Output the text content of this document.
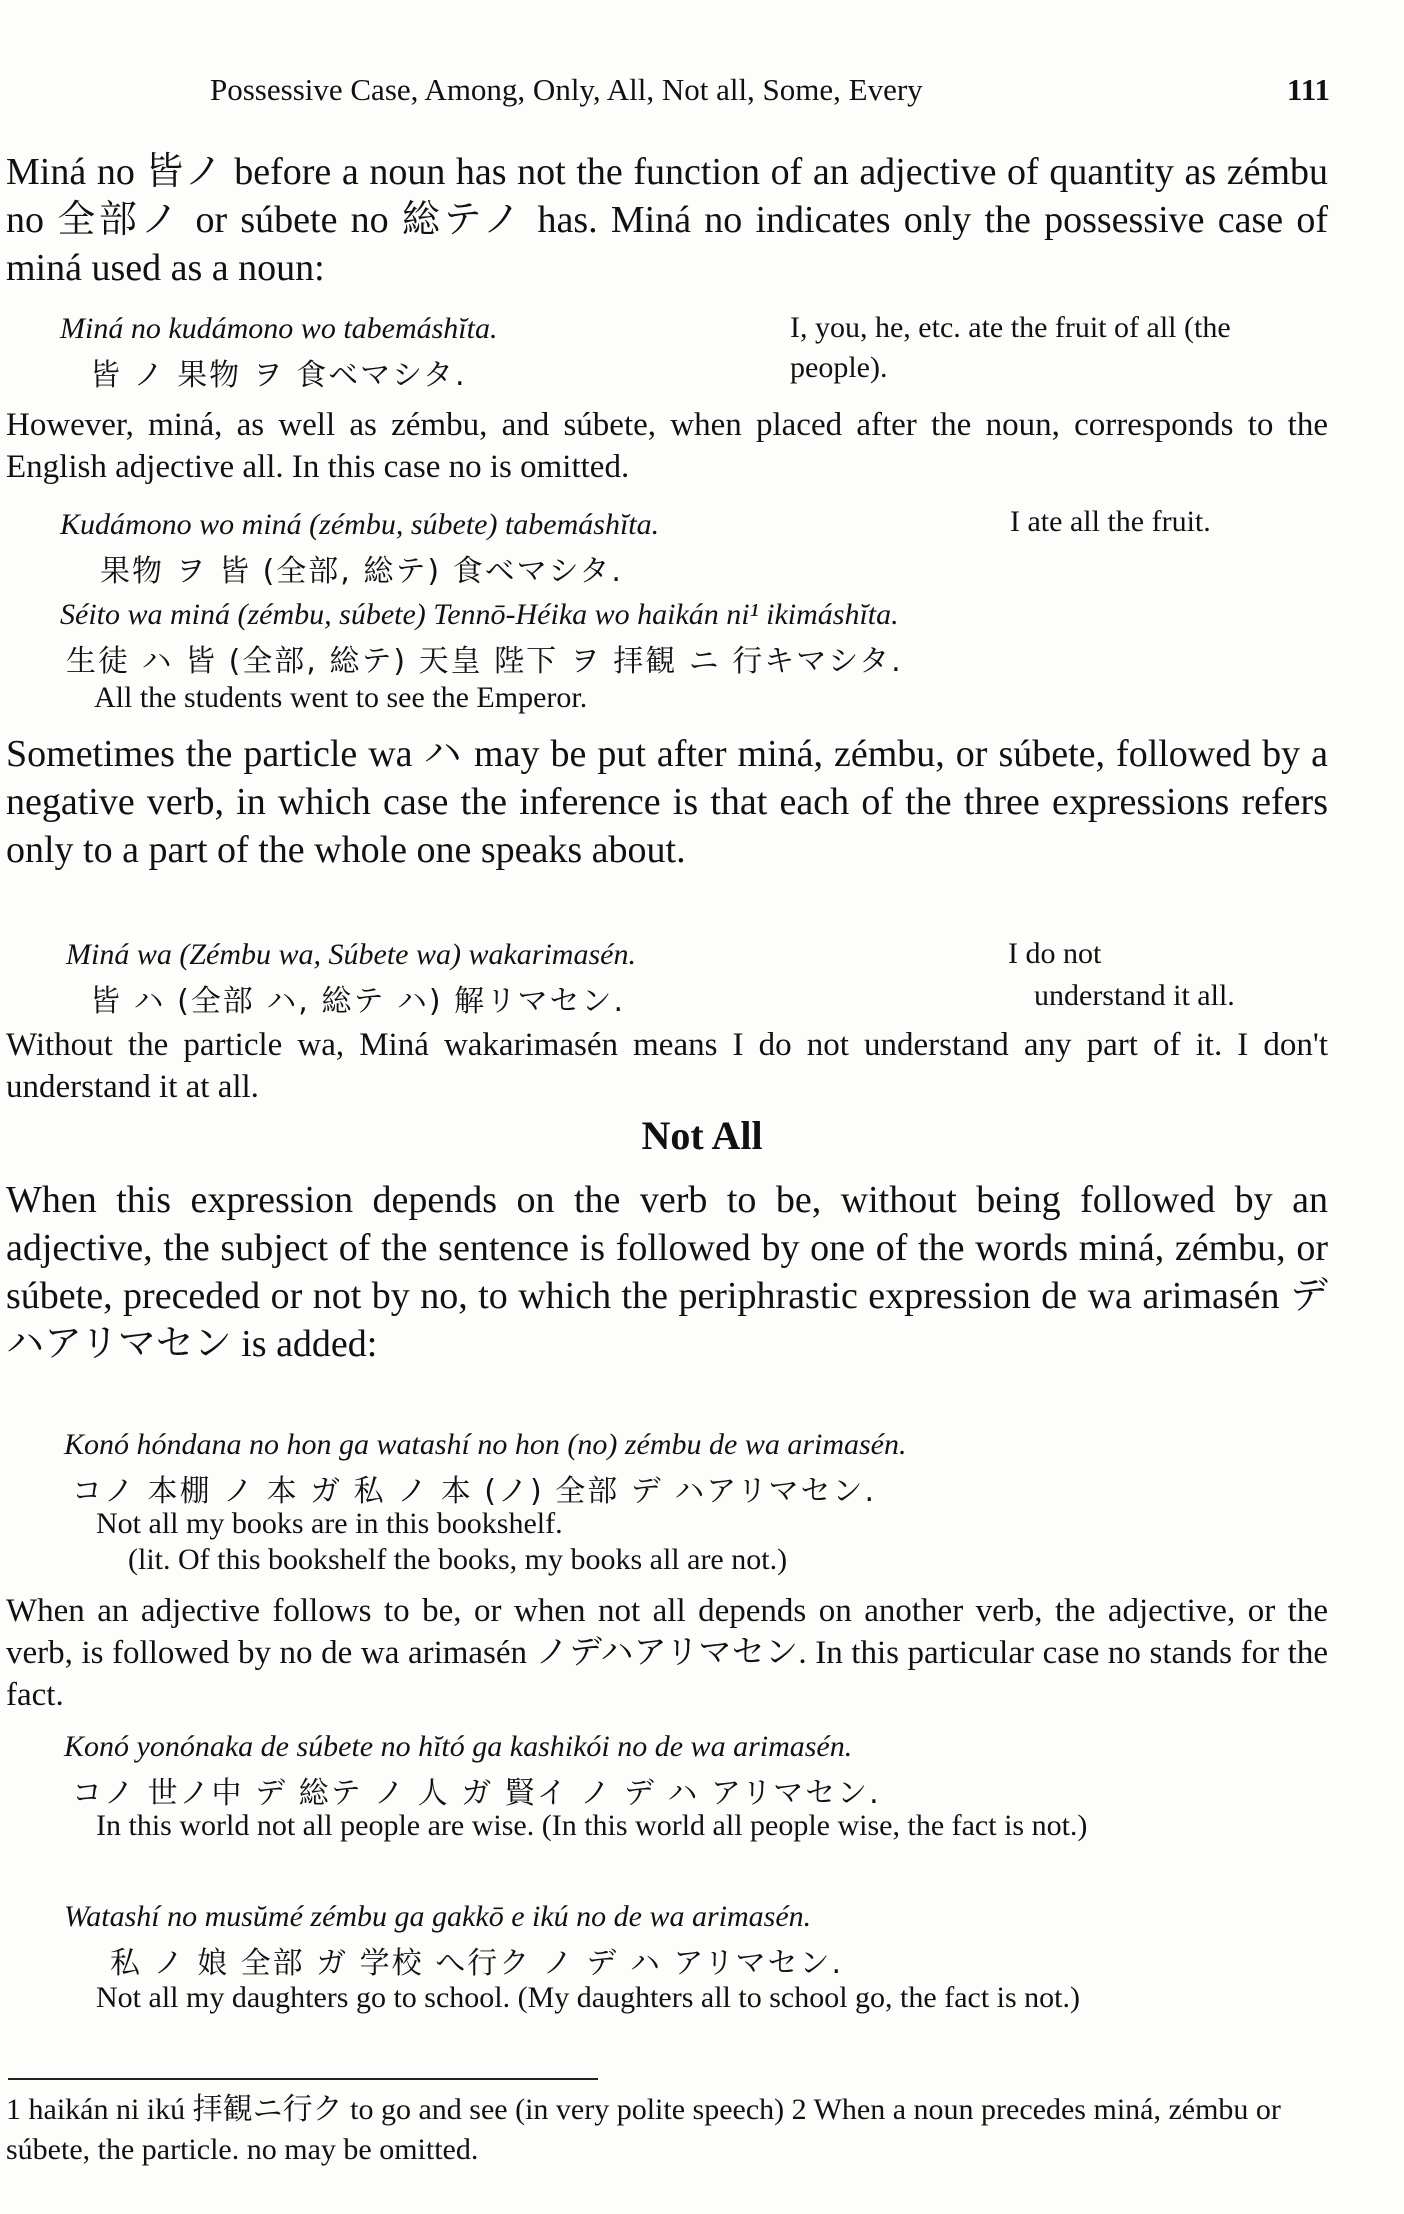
Possessive Case, Among, Only, All, Not all, Some, Every	111
Miná no 皆ノ before a noun has not the function of an adjective of quantity as zémbu no 全部ノ or súbete no 総テノ has. Miná no indicates only the possessive case of miná used as a noun:
Miná no kudámono wo tabemáshĭta.
皆 ノ 果物 ヲ 食ベマシタ.
I, you, he, etc. ate the fruit of all (the people).
However, miná, as well as zémbu, and súbete, when placed after the noun, corresponds to the English adjective all. In this case no is omitted.
Kudámono wo miná (zémbu, súbete) tabemáshĭta.
果物 ヲ 皆 (全部, 総テ) 食ベマシタ.
I ate all the fruit.
Séito wa miná (zémbu, súbete) Tennō-Héika wo haikán ni¹ ikimáshĭta.
生徒 ハ 皆 (全部, 総テ) 天皇 陛下 ヲ 拝観 ニ 行キマシタ.
All the students went to see the Emperor.
Sometimes the particle wa ハ may be put after miná, zémbu, or súbete, followed by a negative verb, in which case the inference is that each of the three expressions refers only to a part of the whole one speaks about.
Miná wa (Zémbu wa, Súbete wa) wakarimasén.
皆 ハ (全部 ハ, 総テ ハ) 解リマセン.
I do not
understand it all.
Without the particle wa, Miná wakarimasén means I do not understand any part of it. I don't understand it at all.
Not All
When this expression depends on the verb to be, without being followed by an adjective, the subject of the sentence is followed by one of the words miná, zémbu, or súbete, preceded or not by no, to which the periphrastic expression de wa arimasén デハアリマセン is added:
Konó hóndana no hon ga watashí no hon (no) zémbu de wa arimasén.
コノ 本棚 ノ 本 ガ 私 ノ 本 (ノ) 全部 デ ハアリマセン.
Not all my books are in this bookshelf.
(lit. Of this bookshelf the books, my books all are not.)
When an adjective follows to be, or when not all depends on another verb, the adjective, or the verb, is followed by no de wa arimasén ノデハアリマセン. In this particular case no stands for the fact.
Konó yonónaka de súbete no hĭtó ga kashikói no de wa arimasén.
コノ 世ノ中 デ 総テ ノ 人 ガ 賢イ ノ デ ハ アリマセン.
In this world not all people are wise. (In this world all people wise, the fact is not.)
Watashí no musŭmé zémbu ga gakkō e ikú no de wa arimasén.
私 ノ 娘 全部 ガ 学校 へ行ク ノ デ ハ アリマセン.
Not all my daughters go to school. (My daughters all to school go, the fact is not.)
1 haikán ni ikú 拝観ニ行ク to go and see (in very polite speech) 2 When a noun precedes miná, zémbu or súbete, the particle. no may be omitted.
